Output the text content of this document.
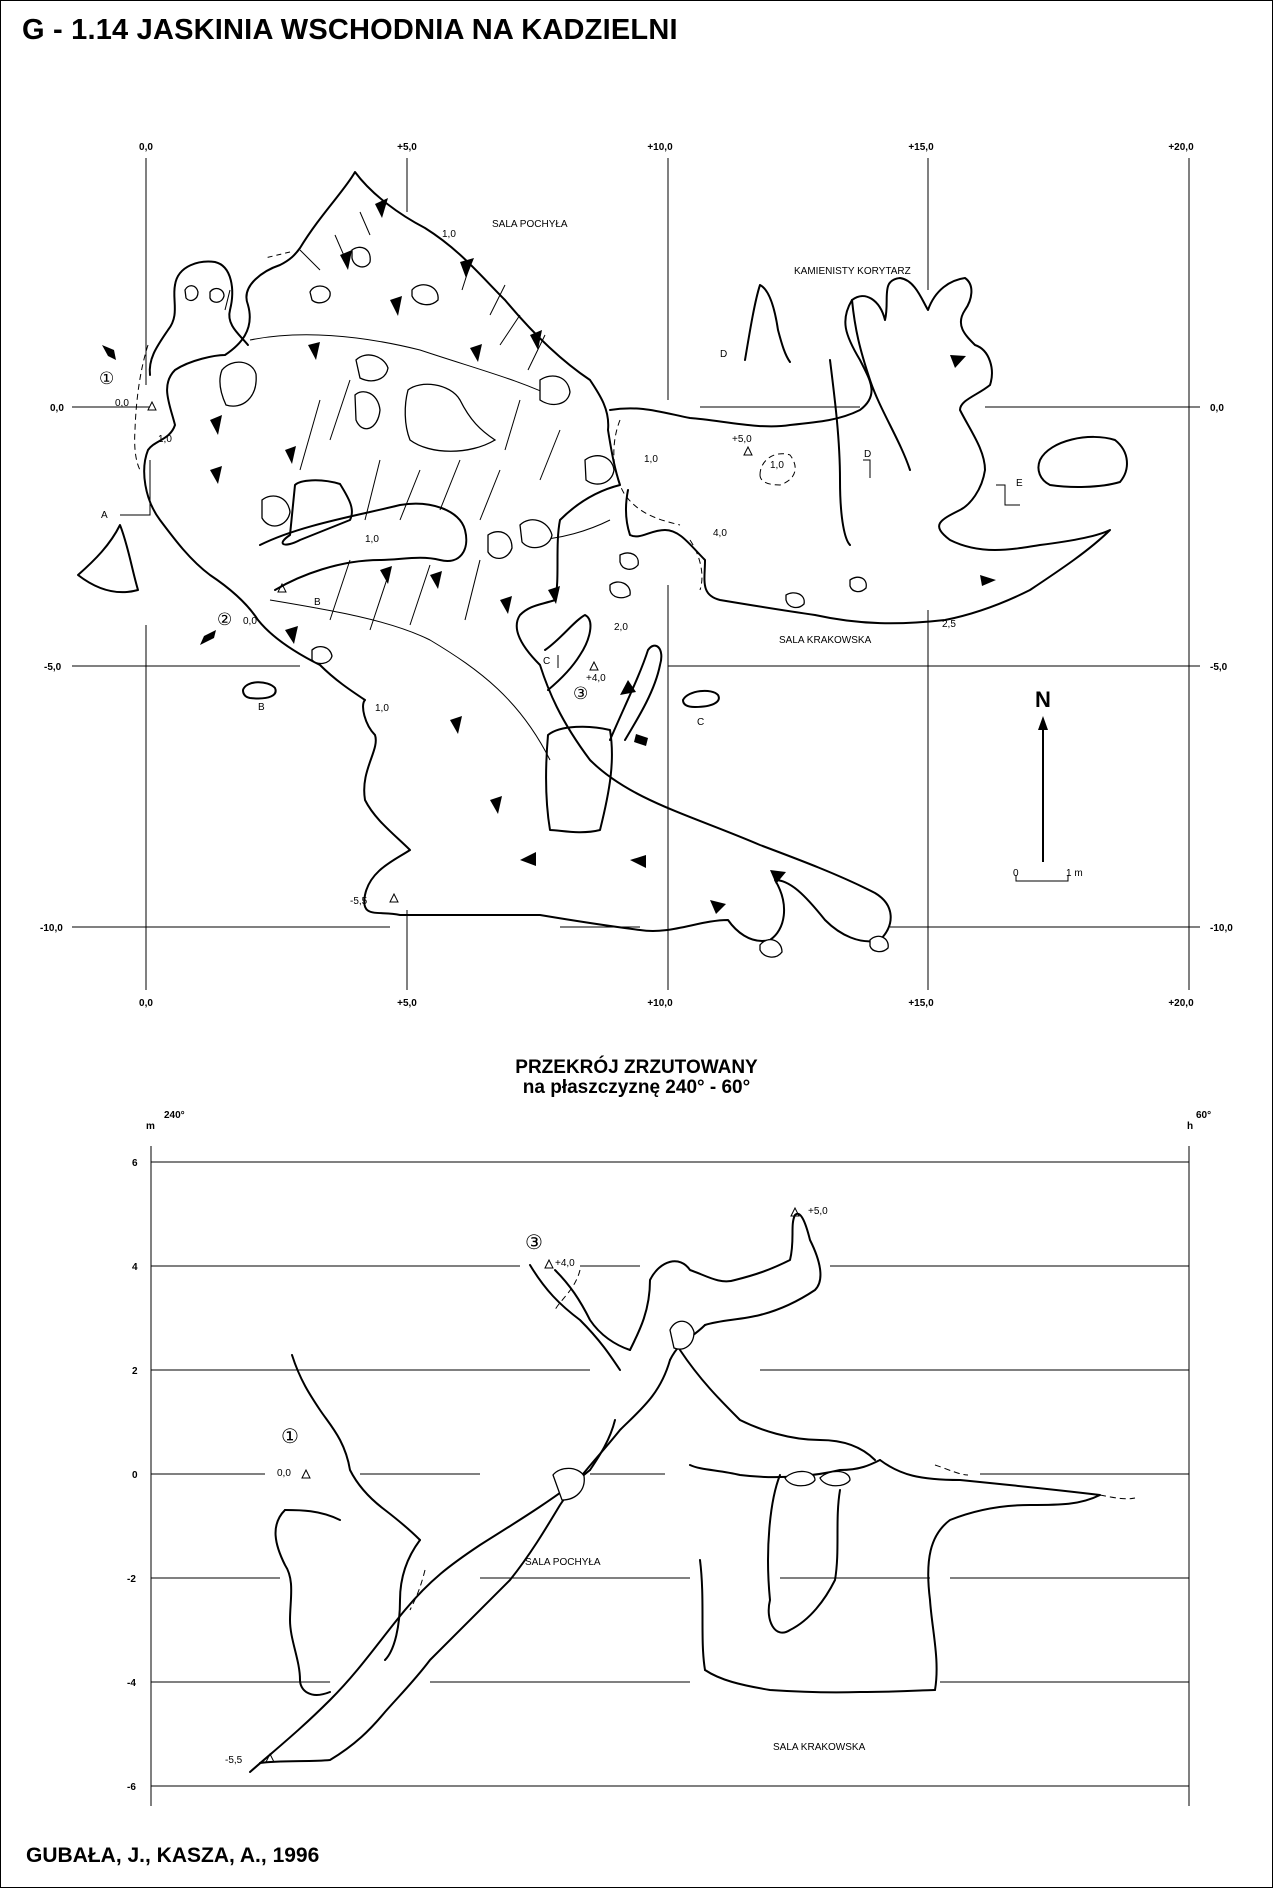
G - 1.14 JASKINIA WSCHODNIA NA KADZIELNI
0,0	+5,0	+10,0	+15,0	+20,0
0,0	+5,0	+10,0	+15,0	+20,0
0,0
-5,0
-10,0
0,0
-5,0
-10,0
SALA POCHYŁA
KAMIENISTY KORYTARZ
SALA KRAKOWSKA
①
②
③
A
B
B
C
C
D
D
E
0,0
0,0
1,0
1,0
1,0
1,0
1,0
1,0
+5,0
+4,0
4,0
2,0	2,5
-5,5
N
0	1 m
m	h
240°	60°
6
4
2
0
-2
-4
-6
SALA POCHYŁA
SALA KRAKOWSKA
①
③
0,0
+4,0
+5,0
-5,5
PRZEKRÓJ ZRZUTOWANY
na płaszczyznę 240° - 60°
GUBAŁA, J., KASZA, A., 1996
